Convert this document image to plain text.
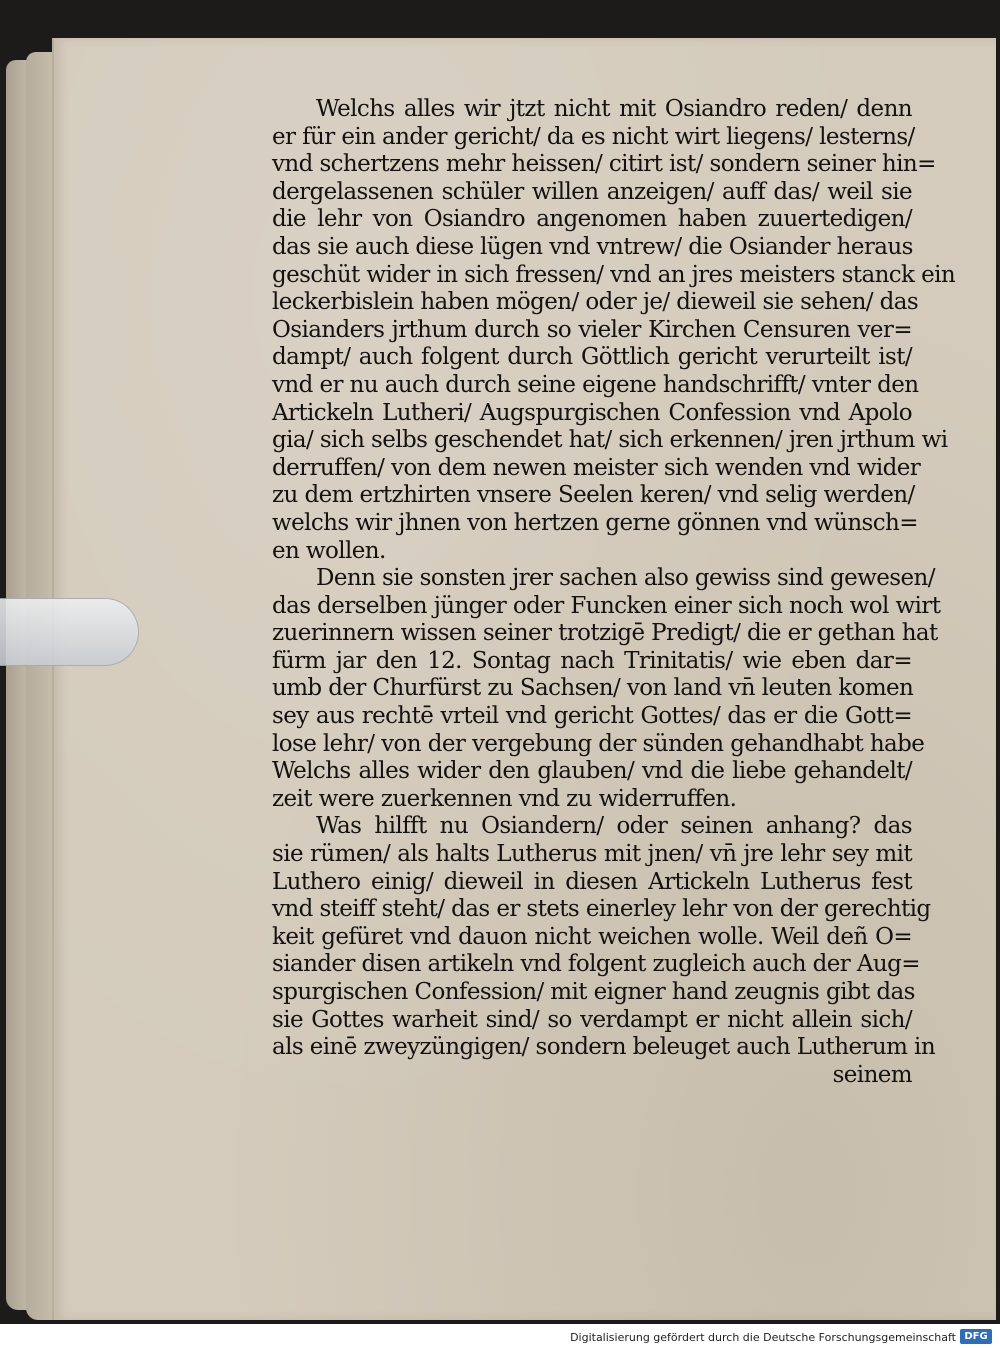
Welchs alles wir jtzt nicht mit Osiandro reden/ denn
er für ein ander gericht/ da es nicht wirt liegens/ lesterns/
vnd schertzens mehr heissen/ citirt ist/ sondern seiner hin=
dergelassenen schüler willen anzeigen/ auff das/ weil sie
die lehr von Osiandro angenomen haben zuuertedigen/
das sie auch diese lügen vnd vntrew/ die Osiander heraus
geschüt wider in sich fressen/ vnd an jres meisters stanck ein
leckerbislein haben mögen/ oder je/ dieweil sie sehen/ das
Osianders jrthum durch so vieler Kirchen Censuren ver=
dampt/ auch folgent durch Göttlich gericht verurteilt ist/
vnd er nu auch durch seine eigene handschrifft/ vnter den
Artickeln Lutheri/ Augspurgischen Confession vnd Apolo
gia/ sich selbs geschendet hat/ sich erkennen/ jren jrthum wi
derruffen/ von dem newen meister sich wenden vnd wider
zu dem ertzhirten vnsere Seelen keren/ vnd selig werden/
welchs wir jhnen von hertzen gerne gönnen vnd wünsch=
en wollen.
Denn sie sonsten jrer sachen also gewiss sind gewesen/
das derselben jünger oder Funcken einer sich noch wol wirt
zuerinnern wissen seiner trotzigē Predigt/ die er gethan hat
fürm jar den 12. Sontag nach Trinitatis/ wie eben dar=
umb der Churfürst zu Sachsen/ von land vn̄ leuten komen
sey aus rechtē vrteil vnd gericht Gottes/ das er die Gott=
lose lehr/ von der vergebung der sünden gehandhabt habe
Welchs alles wider den glauben/ vnd die liebe gehandelt/
zeit were zuerkennen vnd zu widerruffen.
Was hilfft nu Osiandern/ oder seinen anhang? das
sie rümen/ als halts Lutherus mit jnen/ vn̄ jre lehr sey mit
Luthero einig/ dieweil in diesen Artickeln Lutherus fest
vnd steiff steht/ das er stets einerley lehr von der gerechtig
keit gefüret vnd dauon nicht weichen wolle. Weil deñ O=
siander disen artikeln vnd folgent zugleich auch der Aug=
spurgischen Confession/ mit eigner hand zeugnis gibt das
sie Gottes warheit sind/ so verdampt er nicht allein sich/
als einē zweyzüngigen/ sondern beleuget auch Lutherum in
seinem
Digitalisierung gefördert durch die Deutsche Forschungsgemeinschaft DFG
